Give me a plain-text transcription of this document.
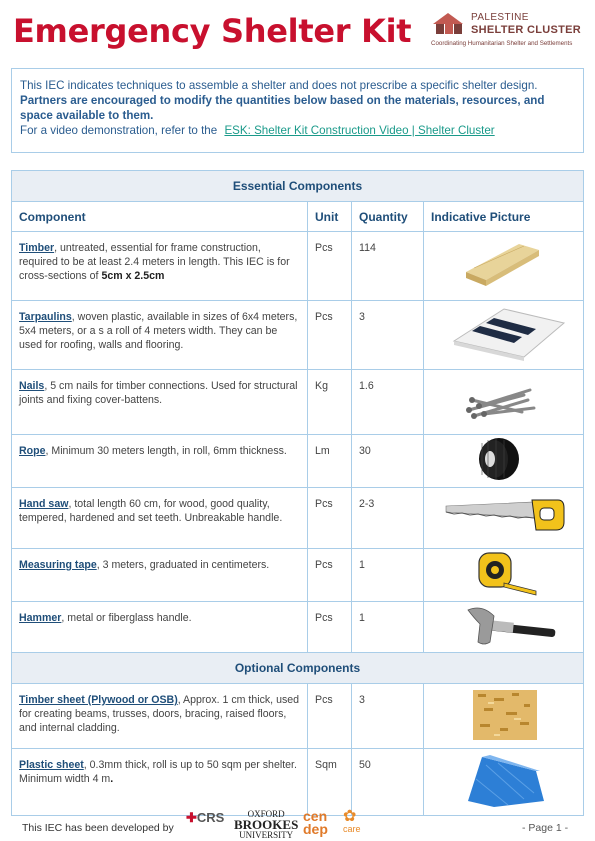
Emergency Shelter Kit	PALESTINE
SHELTER CLUSTER
Coordinating Humanitarian Shelter and Settlements
This IEC indicates techniques to assemble a shelter and does not prescribe a specific shelter design. Partners are encouraged to modify the quantities below based on the materials, resources, and space available to them.
For a video demonstration, refer to the ESK: Shelter Kit Construction Video | Shelter Cluster
Essential Components			
Component	Unit	Quantity	Indicative Picture
Timber, untreated, essential for frame construction, required to be at least 2.4 meters in length. This IEC is for cross-sections of 5cm x 2.5cm	Pcs	114	
Tarpaulins, woven plastic, available in sizes of 6x4 meters, 5x4 meters, or a s a roll of 4 meters width. They can be used for roofing, walls and flooring.	Pcs	3	
Nails, 5 cm nails for timber connections. Used for structural joints and fixing cover-battens.	Kg	1.6	
Rope, Minimum 30 meters length, in roll, 6mm thickness.	Lm	30	
Hand saw, total length 60 cm, for wood, good quality, tempered, hardened and set teeth. Unbreakable handle.	Pcs	2-3	
Measuring tape, 3 meters, graduated in centimeters.	Pcs	1	
Hammer, metal or fiberglass handle.	Pcs	1	
Optional Components			
Timber sheet (Plywood or OSB), Approx. 1 cm thick, used for creating beams, trusses, doors, bracing, raised floors, and internal cladding.	Pcs	3	
Plastic sheet, 0.3mm thick, roll is up to 50 sqm per shelter. Minimum width 4 m.	Sqm	50	
This IEC has been developed by
✚CRS	OXFORD
BROOKES
UNIVERSITY
cen
dep
✿
care	- Page 1 -
